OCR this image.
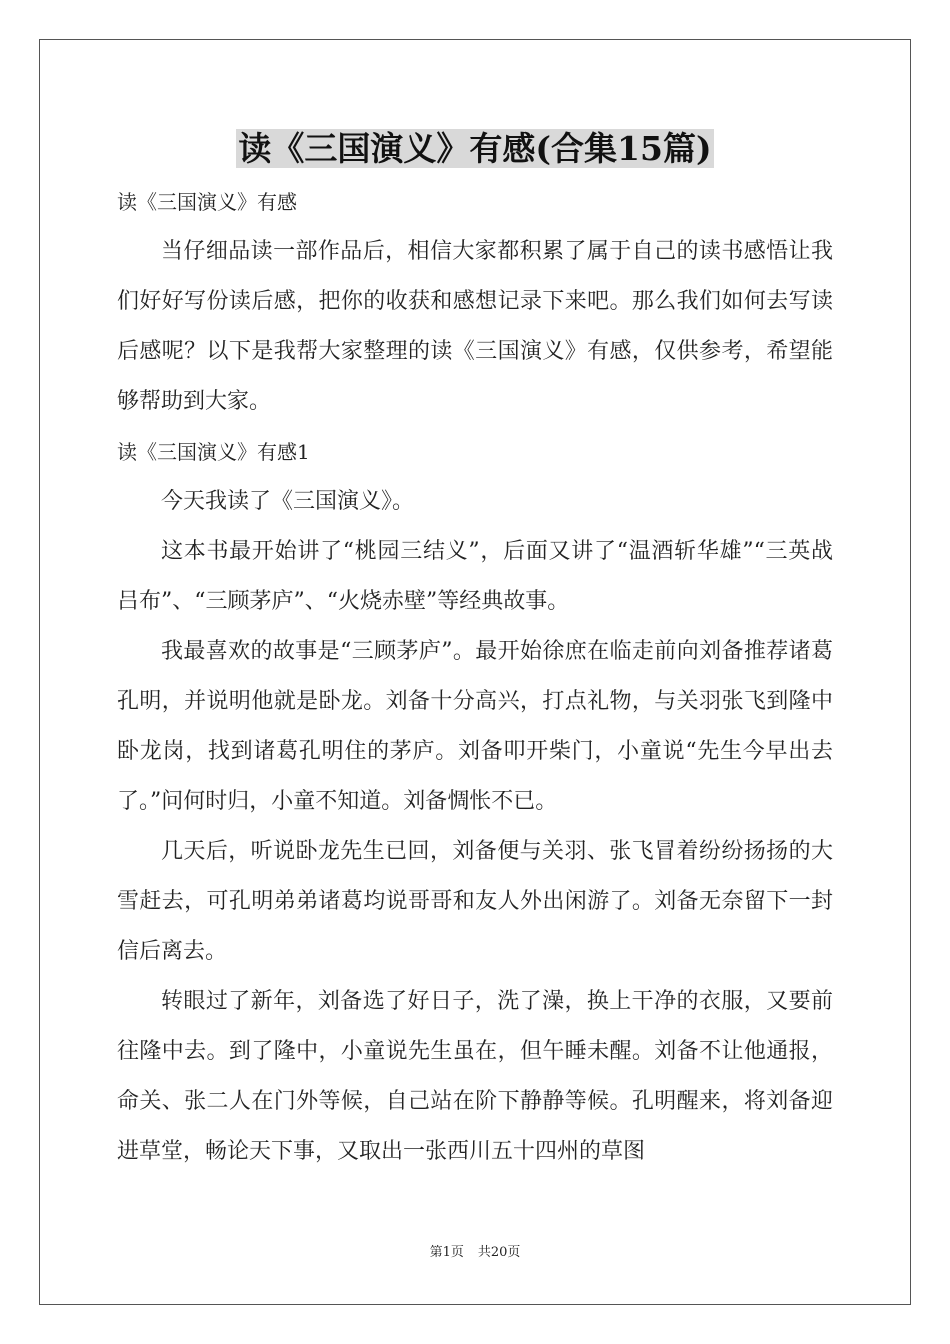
读《三国演义》有感(合集15篇)

读《三国演义》有感

当仔细品读一部作品后，相信大家都积累了属于自己的读书感悟让我们好好写份读后感，把你的收获和感想记录下来吧。那么我们如何去写读后感呢？以下是我帮大家整理的读《三国演义》有感，仅供参考，希望能够帮助到大家。

读《三国演义》有感1

今天我读了《三国演义》。

这本书最开始讲了“桃园三结义”，后面又讲了“温酒斩华雄”“三英战吕布”、“三顾茅庐”、“火烧赤壁”等经典故事。

我最喜欢的故事是“三顾茅庐”。最开始徐庶在临走前向刘备推荐诸葛孔明，并说明他就是卧龙。刘备十分高兴，打点礼物，与关羽张飞到隆中卧龙岗，找到诸葛孔明住的茅庐。刘备叩开柴门，小童说“先生今早出去了。”问何时归，小童不知道。刘备惆怅不已。

几天后，听说卧龙先生已回，刘备便与关羽、张飞冒着纷纷扬扬的大雪赶去，可孔明弟弟诸葛均说哥哥和友人外出闲游了。刘备无奈留下一封信后离去。

转眼过了新年，刘备选了好日子，洗了澡，换上干净的衣服，又要前往隆中去。到了隆中，小童说先生虽在，但午睡未醒。刘备不让他通报，命关、张二人在门外等候，自己站在阶下静静等候。孔明醒来，将刘备迎进草堂，畅论天下事，又取出一张西川五十四州的草图

第1页 共20页
